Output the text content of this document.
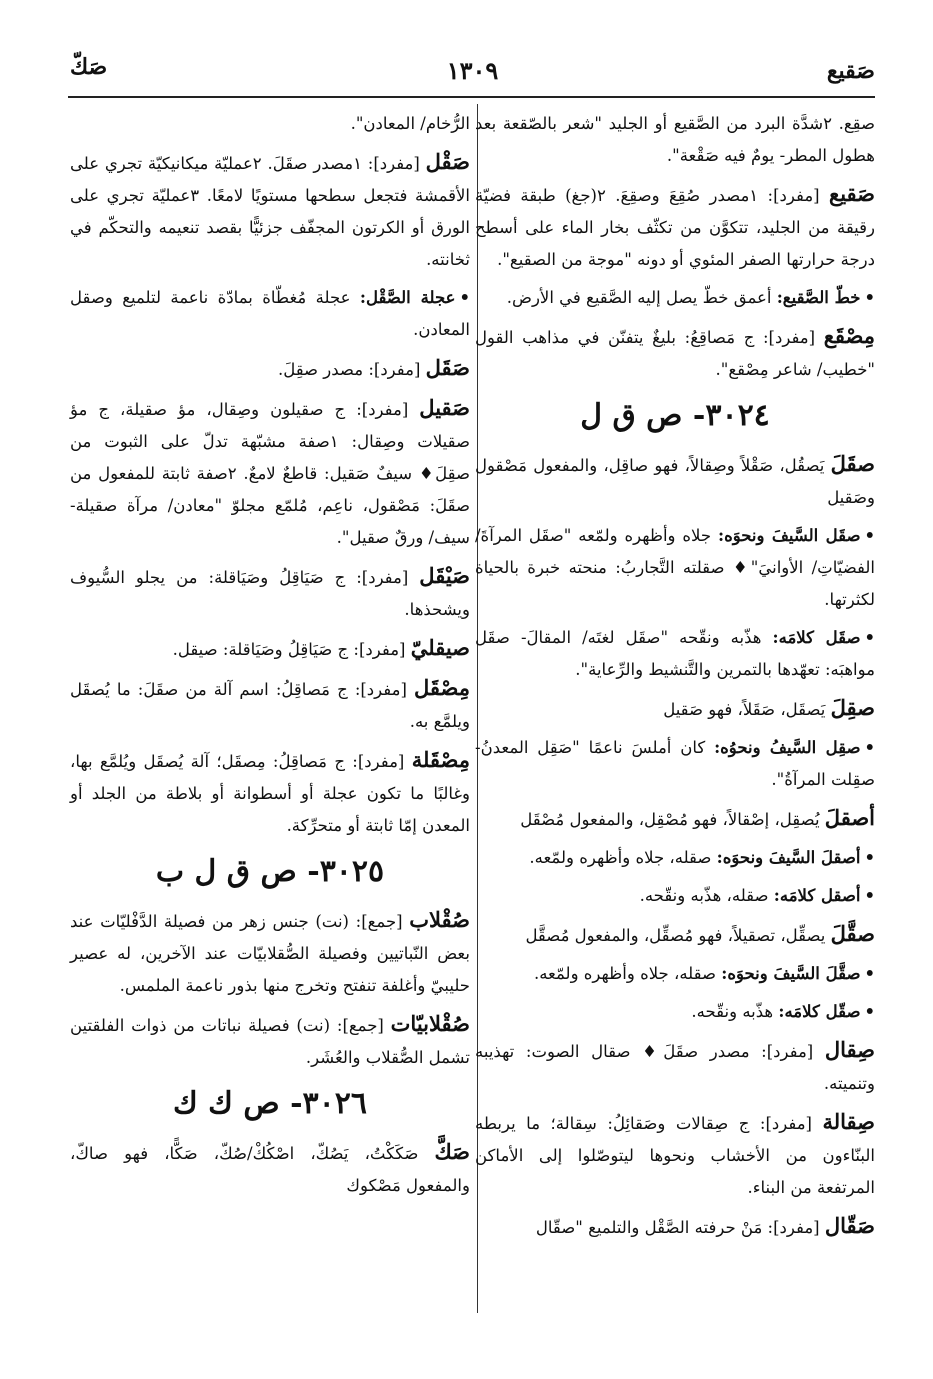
صَقيع
١٣٠٩
صَكّ

صقِع. ٢شدَّة البرد من الصَّقيع أو الجليد "شعر بالصّقعة بعد هطول المطر- يومٌ فيه صَقْعة".

صَقيع [مفرد]: ١مصدر صُقِعَ وصقِعَ. ٢(جغ) طبقة فضيّة رقيقة من الجليد، تتكوَّن من تكثّف بخار الماء على أسطح درجة حرارتها الصفر المئوي أو دونه "موجة من الصقيع".

•خطّ الصَّقيع: أعمق خطّ يصل إليه الصَّقيع في الأرض.

مِصْقَع [مفرد]: ج مَصاقِعُ: بليغٌ يتفنّن في مذاهب القول "خطيب/ شاعر مِصْقع".

٣٠٢٤- ص ق ل

صقَلَ يَصقُل، صَقْلاً وصِقالاً، فهو صاقِل، والمفعول مَصْقول وصَقيل

•صقَل السَّيفَ ونحوَه: جلاه وأظهره ولمّعه "صقَل المرآةَ/ الفضيّاتِ/ الأوانيَ"♦ صقلته التَّجاربُ: منحته خبرة بالحياة لكثرتها.

•صقَل كلامَه: هذّبه ونقّحه "صقَل لغتَه/ المقالَ- صقَل مواهبَه: تعهّدها بالتمرين والتَّنشيط والرِّعاية".

صقِلَ يَصقَل، صَقَلاً، فهو صَقيل

•صقِل السَّيفُ ونحوُه: كان أملسَ ناعمًا "صَقِل المعدنُ- صقِلت المرآةُ".

أصقلَ يُصقِل، إصْقالاً، فهو مُصْقِل، والمفعول مُصْقَل

•أصقلَ السَّيفَ ونحوَه: صقله، جلاه وأظهره ولمّعه.

•أصقل كلامَه: صقله، هذّبه ونقّحه.

صقَّلَ يصقِّل، تصقيلاً، فهو مُصقِّل، والمفعول مُصقَّل

•صقَّلَ السَّيفَ ونحوَه: صقله، جلاه وأظهره ولمّعه.

•صقّل كلامَه: هذّبه ونقّحه.

صِقال [مفرد]: مصدر صقَلَ♦ صقال الصوت: تهذيبه وتنميته.

صِقالة [مفرد]: ج صِقالات وصَقائِلُ: سِقالة؛ ما يربطه البنّاءون من الأخشاب ونحوها ليتوصّلوا إلى الأماكن المرتفعة من البناء.

صَقّال [مفرد]: مَنْ حرفته الصَّقْل والتلميع "صقّال

الرُّخام/ المعادن".

صَقْل [مفرد]: ١مصدر صقَلَ. ٢عمليّة ميكانيكيّة تجري على الأقمشة فتجعل سطحها مستويًا لامعًا. ٣عمليّة تجري على الورق أو الكرتون المجفّف جزئيًّا بقصد تنعيمه والتحكّم في ثخانته.

•عجلة الصَّقْل: عجلة مُغطّاة بمادّة ناعمة لتلميع وصقل المعادن.

صَقَل [مفرد]: مصدر صقِلَ.

صَقيل [مفرد]: ج صقيلون وصِقال، مؤ صقيلة، ج مؤ صقيلات وصِقال: ١صفة مشبّهة تدلّ على الثبوت من صقِلَ♦ سيفٌ صَقيل: قاطعٌ لامعٌ. ٢صفة ثابتة للمفعول من صقَلَ: مَصْقول، ناعِم، مُلمّع مجلوّ "معادن/ مرآة صقيلة- سيف/ ورقٌ صقيل".

صَيْقَل [مفرد]: ج صَيَاقِلُ وصَيَاقلة: من يجلو السُّيوف ويشحذها.

صيقليّ [مفرد]: ج صَيَاقِلُ وصَيَاقلة: صيقل.

مِصْقَل [مفرد]: ج مَصاقِلُ: اسم آلة من صقَلَ: ما يُصقَل ويلمَّع به.

مِصْقَلة [مفرد]: ج مَصاقِلُ: مِصقَل؛ آلة يُصقَل ويُلمَّع بها، وغالبًا ما تكون عجلة أو أسطوانة أو بلاطة من الجلد أو المعدن إمّا ثابتة أو متحرِّكة.

٣٠٢٥- ص ق ل ب

صُقْلاب [جمع]: (نت) جنس زهر من فصيلة الدَّفْليّات عند بعض النّباتيين وفصيلة الصُّقلابيّات عند الآخرين، له عصير حليبيّ وأغلفة تنفتح وتخرج منها بذور ناعمة الملمس.

صُقْلابيّات [جمع]: (نت) فصيلة نباتات من ذوات الفلقتين تشمل الصُّقلاب والعُشَر.

٣٠٢٦- ص ك ك

صَكَّ صَكَكْتُ، يَصُكّ، اصْكُكْ/صُكّ، صَكًّا، فهو صاكّ، والمفعول مَصْكوك
